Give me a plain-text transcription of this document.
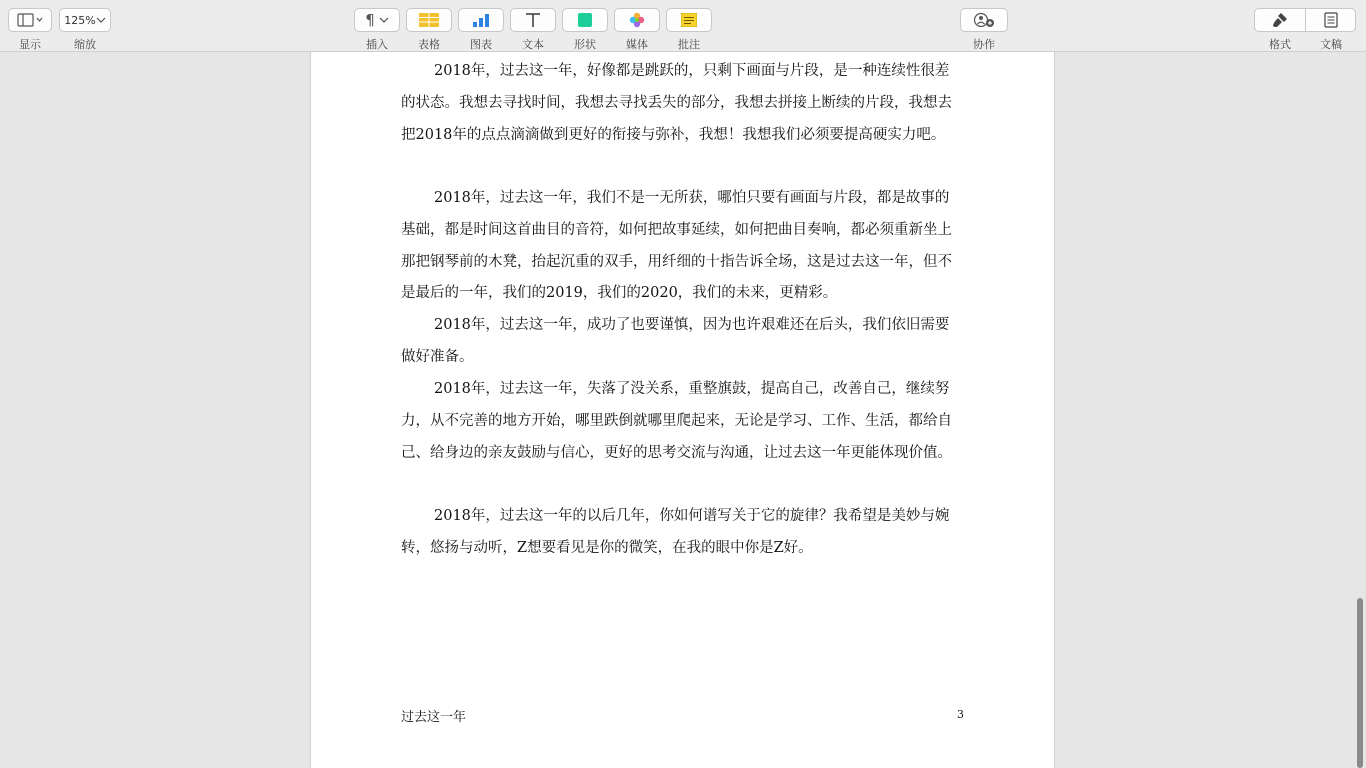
显示
125%
缩放
¶
插入	表格	图表	文本	形状	媒体	批注	协作	格式	文稿

2018年，过去这一年，好像都是跳跃的，只剩下画面与片段，是一种连续性很差的状态。我想去寻找时间，我想去寻找丢失的部分，我想去拼接上断续的片段，我想去把2018年的点点滴滴做到更好的衔接与弥补，我想！我想我们必须要提高硬实力吧。

2018年，过去这一年，我们不是一无所获，哪怕只要有画面与片段，都是故事的基础，都是时间这首曲目的音符，如何把故事延续，如何把曲目奏响，都必须重新坐上那把钢琴前的木凳，抬起沉重的双手，用纤细的十指告诉全场，这是过去这一年，但不是最后的一年，我们的2019，我们的2020，我们的未来，更精彩。

2018年，过去这一年，成功了也要谨慎，因为也许艰难还在后头，我们依旧需要做好准备。

2018年，过去这一年，失落了没关系，重整旗鼓，提高自己，改善自己，继续努力，从不完善的地方开始，哪里跌倒就哪里爬起来，无论是学习、工作、生活，都给自己、给身边的亲友鼓励与信心，更好的思考交流与沟通，让过去这一年更能体现价值。

2018年，过去这一年的以后几年，你如何谱写关于它的旋律？我希望是美妙与婉转，悠扬与动听，Z想要看见是你的微笑，在我的眼中你是Z好。

过去这一年	3
